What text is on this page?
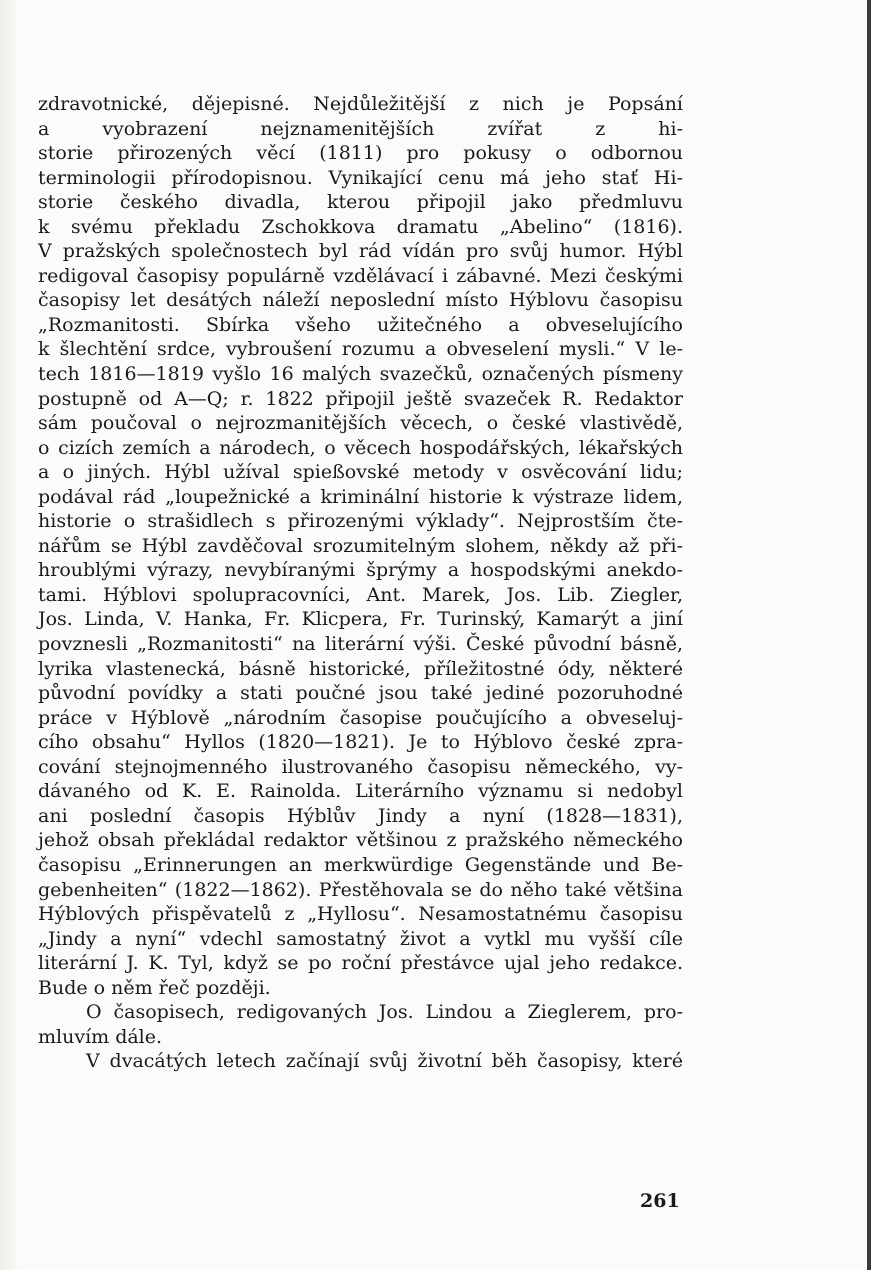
zdravotnické, dějepisné. Nejdůležitější z nich je Popsání
a vyobrazení nejznamenitějších zvířat z hi-
storie přirozených věcí (1811) pro pokusy o odbornou
terminologii přírodopisnou. Vynikající cenu má jeho stať Hi-
storie českého divadla, kterou připojil jako předmluvu
k svému překladu Zschokkova dramatu „Abelino“ (1816).
V pražských společnostech byl rád vídán pro svůj humor. Hýbl
redigoval časopisy populárně vzdělávací i zábavné. Mezi českými
časopisy let desátých náleží neposlední místo Hýblovu časopisu
„Rozmanitosti. Sbírka všeho užitečného a obveselujícího
k šlechtění srdce, vybroušení rozumu a obveselení mysli.“ V le-
tech 1816—1819 vyšlo 16 malých svazečků, označených písmeny
postupně od A—Q; r. 1822 připojil ještě svazeček R. Redaktor
sám poučoval o nejrozmanitějších věcech, o české vlastivědě,
o cizích zemích a národech, o věcech hospodářských, lékařských
a o jiných. Hýbl užíval spießovské metody v osvěcování lidu;
podával rád „loupežnické a kriminální historie k výstraze lidem,
historie o strašidlech s přirozenými výklady“. Nejprostším čte-
nářům se Hýbl zavděčoval srozumitelným slohem, někdy až při-
hroublými výrazy, nevybíranými šprýmy a hospodskými anekdo-
tami. Hýblovi spolupracovníci, Ant. Marek, Jos. Lib. Ziegler,
Jos. Linda, V. Hanka, Fr. Klicpera, Fr. Turinský, Kamarýt a jiní
povznesli „Rozmanitosti“ na literární výši. České původní básně,
lyrika vlastenecká, básně historické, příležitostné ódy, některé
původní povídky a stati poučné jsou také jediné pozoruhodné
práce v Hýblově „národním časopise poučujícího a obveseluj-
cího obsahu“ Hyllos (1820—1821). Je to Hýblovo české zpra-
cování stejnojmenného ilustrovaného časopisu německého, vy-
dávaného od K. E. Rainolda. Literárního významu si nedobyl
ani poslední časopis Hýblův Jindy a nyní (1828—1831),
jehož obsah překládal redaktor většinou z pražského německého
časopisu „Erinnerungen an merkwürdige Gegenstände und Be-
gebenheiten“ (1822—1862). Přestěhovala se do něho také většina
Hýblových přispěvatelů z „Hyllosu“. Nesamostatnému časopisu
„Jindy a nyní“ vdechl samostatný život a vytkl mu vyšší cíle
literární J. K. Tyl, když se po roční přestávce ujal jeho redakce.
Bude o něm řeč později.
O časopisech, redigovaných Jos. Lindou a Zieglerem, pro-
mluvím dále.
V dvacátých letech začínají svůj životní běh časopisy, které
261
